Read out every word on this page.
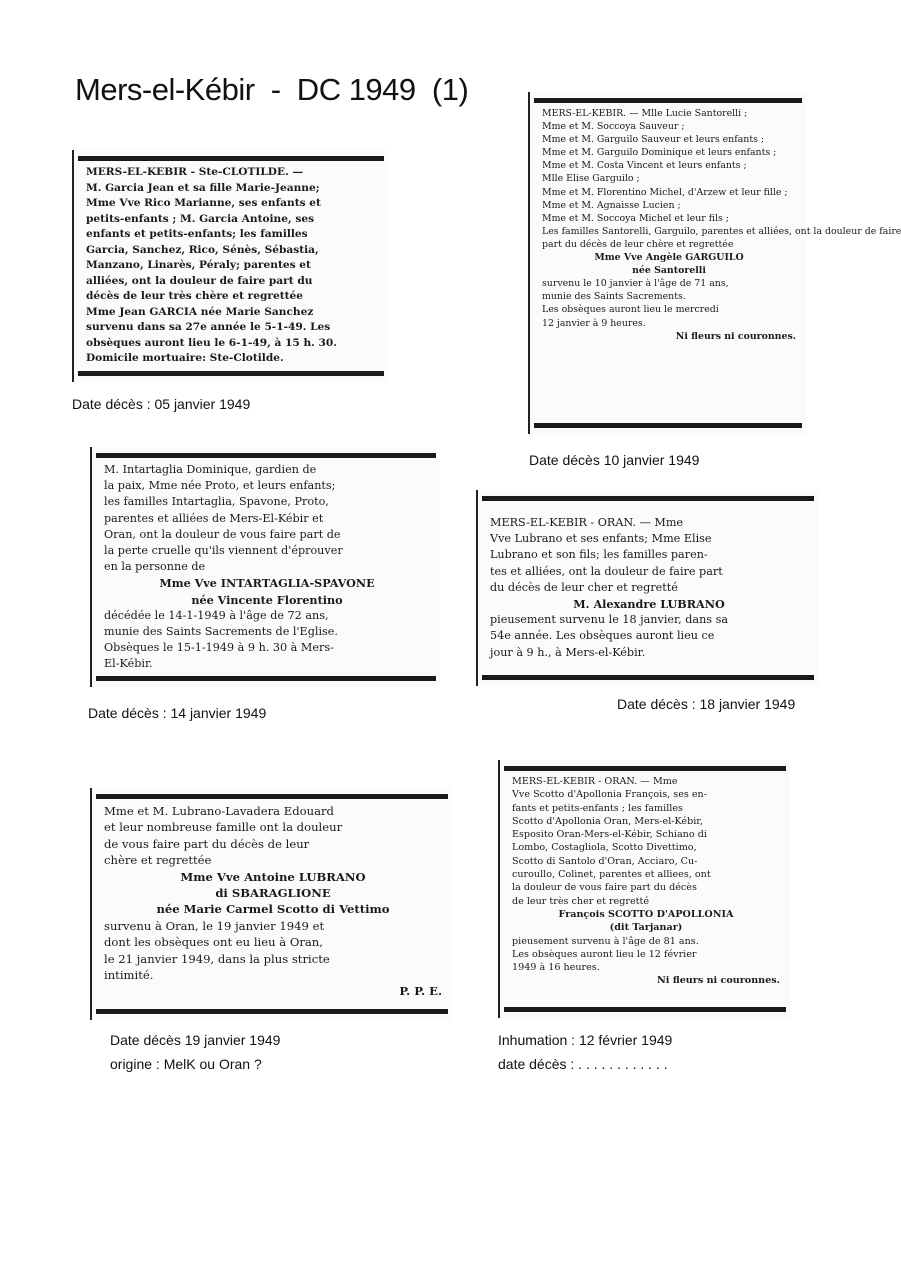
Mers-el-Kébir  -  DC 1949  (1)
MERS-EL-KEBIR - Ste-CLOTILDE. —
M. Garcia Jean et sa fille Marie-Jeanne;
Mme Vve Rico Marianne, ses enfants et
petits-enfants ; M. Garcia Antoine, ses
enfants et petits-enfants; les familles
Garcia, Sanchez, Rico, Sénès, Sébastia,
Manzano, Linarès, Péraly; parentes et
alliées, ont la douleur de faire part du
décès de leur très chère et regrettée
Mme Jean GARCIA née Marie Sanchez
survenu dans sa 27e année le 5-1-49. Les
obsèques auront lieu le 6-1-49, à 15 h. 30.
Domicile mortuaire: Ste-Clotilde.
MERS-EL-KEBIR. — Mlle Lucie Santorelli ;
Mme et M. Soccoya Sauveur ;
Mme et M. Garguilo Sauveur et leurs enfants ;
Mme et M. Garguilo Dominique et leurs enfants ;
Mme et M. Costa Vincent et leurs enfants ;
Mlle Elise Garguilo ;
Mme et M. Florentino Michel, d'Arzew et leur fille ;
Mme et M. Agnaisse Lucien ;
Mme et M. Soccoya Michel et leur fils ;
Les familles Santorelli, Garguilo, parentes et alliées, ont la douleur de faire
part du décès de leur chère et regrettée
Mme Vve Angèle GARGUILO
née Santorelli
survenu le 10 janvier à l'âge de 71 ans,
munie des Saints Sacrements.
Les obsèques auront lieu le mercredi
12 janvier à 9 heures.
Ni fleurs ni couronnes.
M. Intartaglia Dominique, gardien de
la paix, Mme née Proto, et leurs enfants;
les familles Intartaglia, Spavone, Proto,
parentes et alliées de Mers-El-Kébir et
Oran, ont la douleur de vous faire part de
la perte cruelle qu'ils viennent d'éprouver
en la personne de
Mme Vve INTARTAGLIA-SPAVONE
née Vincente Florentino
décédée le 14-1-1949 à l'âge de 72 ans,
munie des Saints Sacrements de l'Eglise.
Obsèques le 15-1-1949 à 9 h. 30 à Mers-
El-Kébir.
MERS-EL-KEBIR - ORAN. — Mme
Vve Lubrano et ses enfants; Mme Elise
Lubrano et son fils; les familles paren-
tes et alliées, ont la douleur de faire part
du décès de leur cher et regretté
M. Alexandre LUBRANO
pieusement survenu le 18 janvier, dans sa
54e année. Les obsèques auront lieu ce
jour à 9 h., à Mers-el-Kébir.
Mme et M. Lubrano-Lavadera Edouard
et leur nombreuse famille ont la douleur
de vous faire part du décès de leur
chère et regrettée
Mme Vve Antoine LUBRANO
di SBARAGLIONE
née Marie Carmel Scotto di Vettimo
survenu à Oran, le 19 janvier 1949 et
dont les obsèques ont eu lieu à Oran,
le 21 janvier 1949, dans la plus stricte
intimité.
P. P. E.
MERS-EL-KEBIR - ORAN. — Mme
Vve Scotto d'Apollonia François, ses en-
fants et petits-enfants ; les familles
Scotto d'Apollonia Oran, Mers-el-Kébir,
Esposito Oran-Mers-el-Kébir, Schiano di
Lombo, Costagliola, Scotto Divettimo,
Scotto di Santolo d'Oran, Acciaro, Cu-
curoullo, Colinet, parentes et alliees, ont
la douleur de vous faire part du décès
de leur très cher et regretté
François SCOTTO D'APOLLONIA
(dit Tarjanar)
pieusement survenu à l'âge de 81 ans.
Les obsèques auront lieu le 12 février
1949 à 16 heures.
Ni fleurs ni couronnes.
Date décès : 05 janvier 1949
Date décès 10 janvier 1949
Date décès : 14 janvier 1949
Date décès : 18 janvier 1949
Date décès 19 janvier 1949
origine : MelK ou Oran ?
Inhumation : 12 février 1949
date décès : . . . . . . . . . . . .
